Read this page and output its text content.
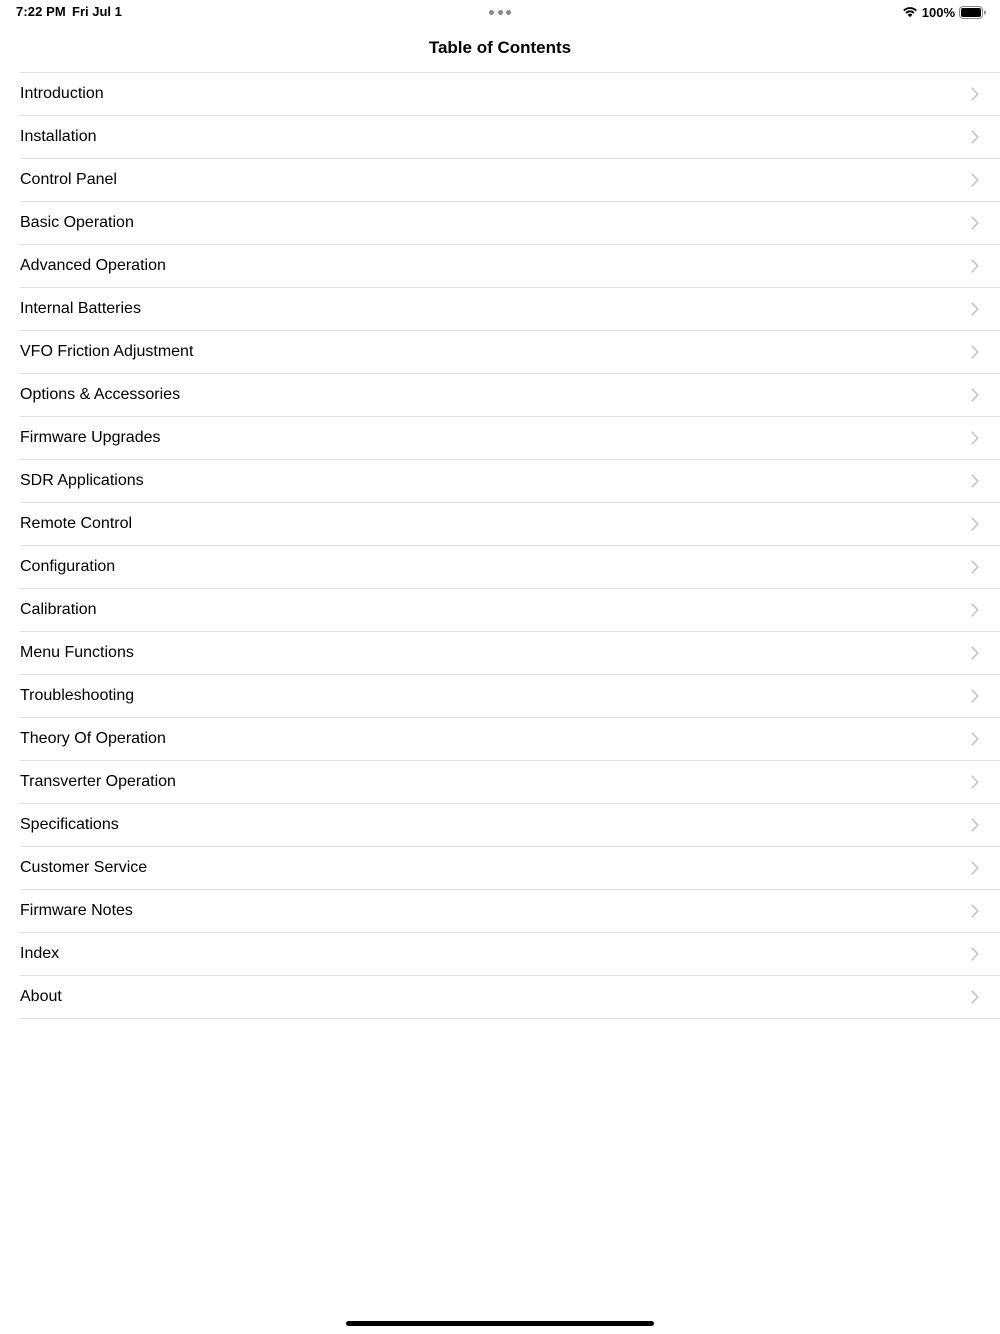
7:22 PM Fri Jul 1	100%
Table of Contents
Introduction
Installation
Control Panel
Basic Operation
Advanced Operation
Internal Batteries
VFO Friction Adjustment
Options & Accessories
Firmware Upgrades
SDR Applications
Remote Control
Configuration
Calibration
Menu Functions
Troubleshooting
Theory Of Operation
Transverter Operation
Specifications
Customer Service
Firmware Notes
Index
About
